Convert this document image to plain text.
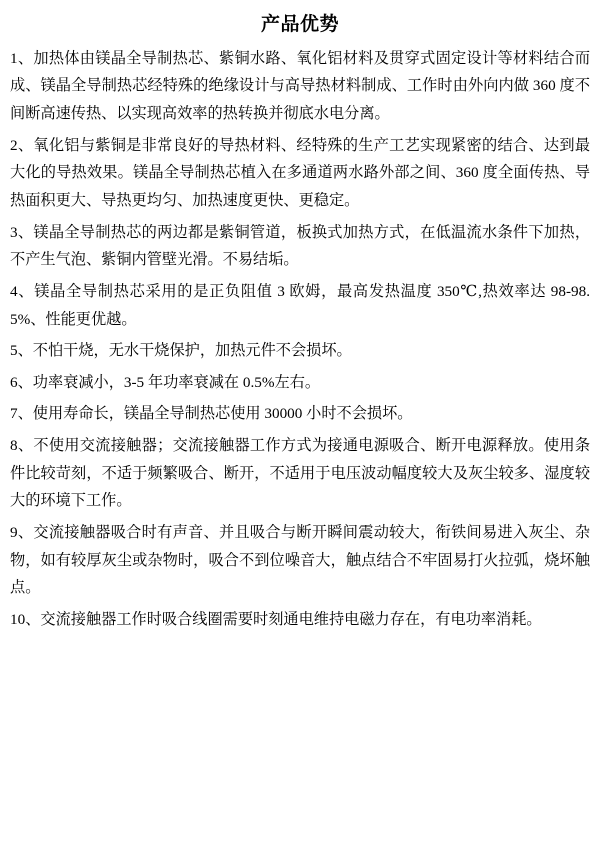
产品优势

1、加热体由镁晶全导制热芯、紫铜水路、氧化铝材料及贯穿式固定设计等材料结合而成、镁晶全导制热芯经特殊的绝缘设计与高导热材料制成、工作时由外向内做 360 度不间断高速传热、以实现高效率的热转换并彻底水电分离。

2、氧化铝与紫铜是非常良好的导热材料、经特殊的生产工艺实现紧密的结合、达到最大化的导热效果。镁晶全导制热芯植入在多通道两水路外部之间、360 度全面传热、导热面积更大、导热更均匀、加热速度更快、更稳定。

3、镁晶全导制热芯的两边都是紫铜管道，板换式加热方式，在低温流水条件下加热，不产生气泡、紫铜内管壁光滑。不易结垢。

4、镁晶全导制热芯采用的是正负阻值 3 欧姆，最高发热温度 350℃,热效率达 98-98.5%、性能更优越。

5、不怕干烧，无水干烧保护，加热元件不会损坏。

6、功率衰减小，3-5 年功率衰减在 0.5%左右。

7、使用寿命长，镁晶全导制热芯使用 30000 小时不会损坏。

8、不使用交流接触器；交流接触器工作方式为接通电源吸合、断开电源释放。使用条件比较苛刻，不适于频繁吸合、断开，不适用于电压波动幅度较大及灰尘较多、湿度较大的环境下工作。

9、交流接触器吸合时有声音、并且吸合与断开瞬间震动较大，衔铁间易进入灰尘、杂物，如有较厚灰尘或杂物时，吸合不到位噪音大，触点结合不牢固易打火拉弧，烧坏触点。

10、交流接触器工作时吸合线圈需要时刻通电维持电磁力存在，有电功率消耗。
